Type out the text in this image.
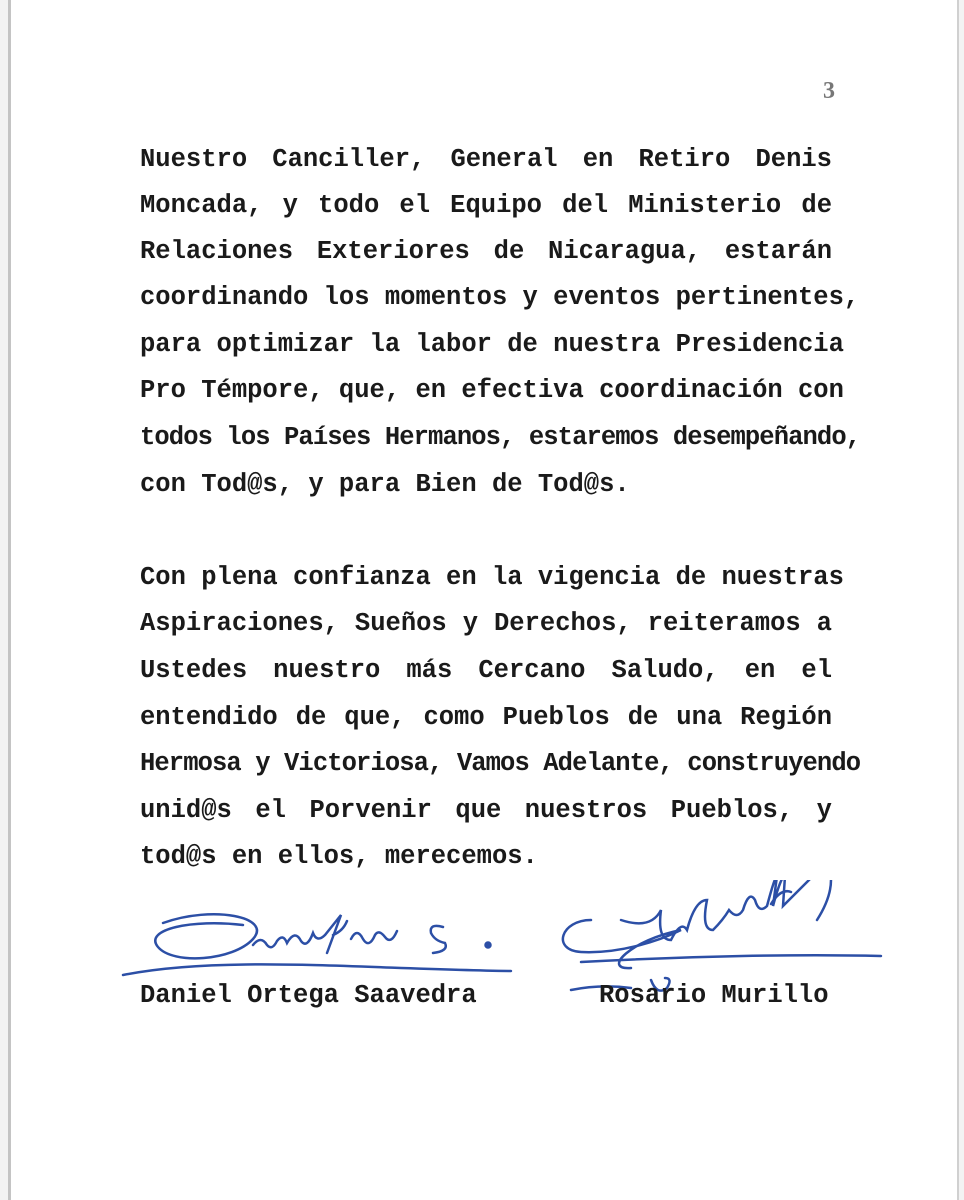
3
Nuestro Canciller, General en Retiro Denis
Moncada, y todo el Equipo del Ministerio de
Relaciones Exteriores de Nicaragua, estarán
coordinando los momentos y eventos pertinentes,
para optimizar la labor de nuestra Presidencia
Pro Témpore, que, en efectiva coordinación con
todos los Países Hermanos, estaremos desempeñando,
con Tod@s, y para Bien de Tod@s.
Con plena confianza en la vigencia de nuestras
Aspiraciones, Sueños y Derechos, reiteramos a
Ustedes nuestro más Cercano Saludo, en el
entendido de que, como Pueblos de una Región
Hermosa y Victoriosa, Vamos Adelante, construyendo
unid@s el Porvenir que nuestros Pueblos, y
tod@s en ellos, merecemos.
Daniel Ortega Saavedra	Rosario Murillo
